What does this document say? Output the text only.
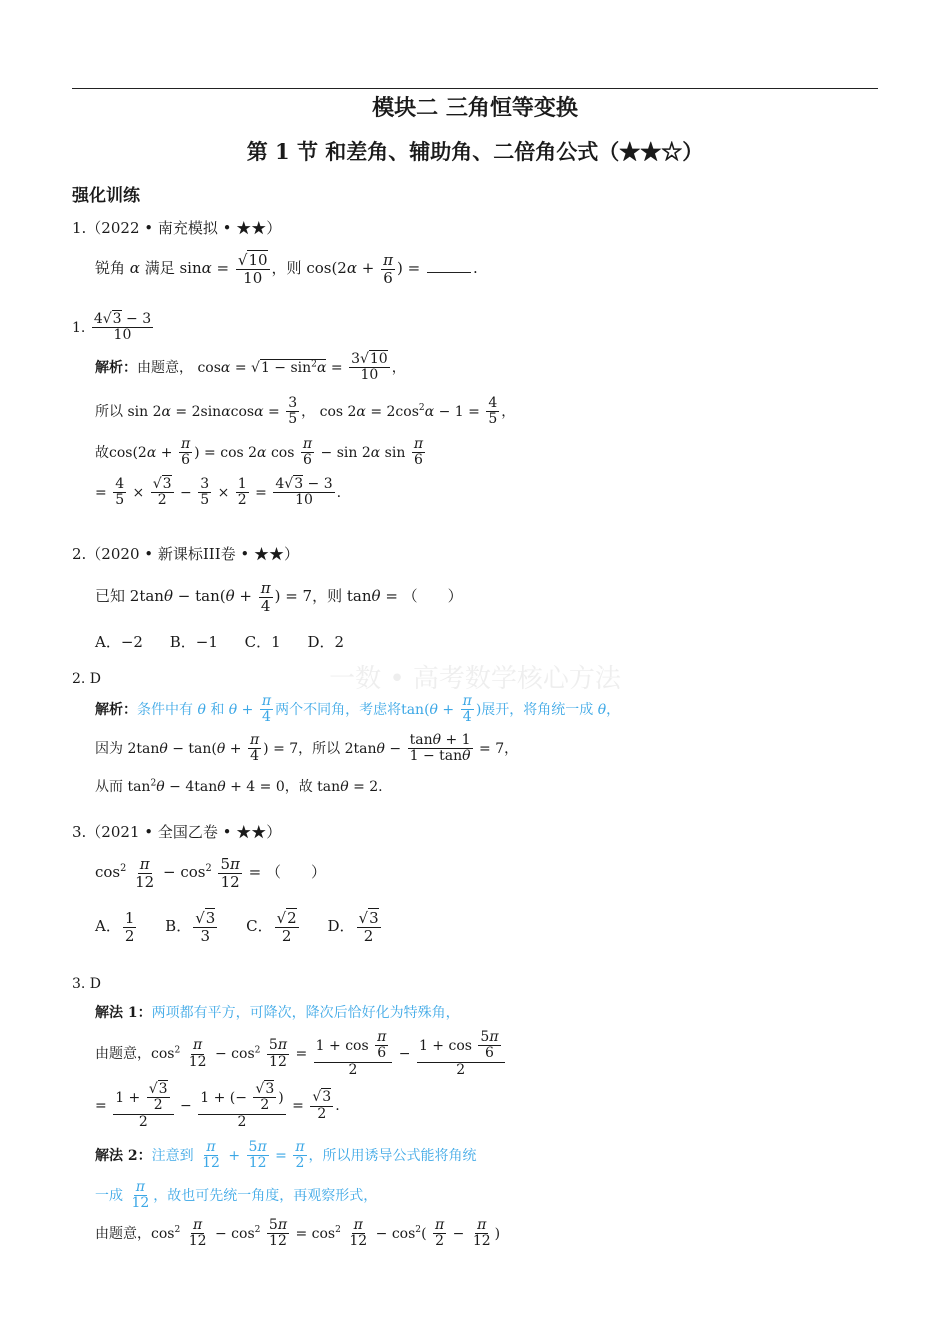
模块二 三角恒等变换
第 1 节 和差角、辅助角、二倍角公式（★★☆）
强化训练
一数 • 高考数学核心方法
1.（2022 • 南充模拟 • ★★）
锐角 α 满足 $\sin\alpha = \frac{√10}{10}$ ，则 $\cos(2\alpha + \frac{\pi}{6}$ ) =	.
1. $\frac{4√3 - 3}{10}$
解析：由题意， $\cos\alpha = √1 - \sin^2\alpha = \frac{3√10}{10}$ ，
所以 $\sin 2\alpha = 2\sin\alpha\cos\alpha = \frac{3}{5}$ ， $\cos 2\alpha = 2\cos^2\alpha - 1 = \frac{4}{5}$ ，
故$\cos(2\alpha + \frac{\pi}{6}$ ) = cos 2α $\cos \frac{\pi}{6} - \sin 2\alpha$ $\sin \frac{\pi}{6}$
= $\frac{4}{5} \times \frac{√3}{2} - \frac{3}{5} \times \frac{1}{2} = \frac{4√3 - 3}{10}$ .
2.（2020 • 新课标III卷 • ★★）
已知 $2\tan\theta - \tan(\theta + \frac{\pi}{4}$ ) = 7，则 tanθ = （　　）
A．−2 B．−1 C．1 D．2
2. D
解析：条件中有 θ 和 $\theta + \frac{\pi}{4}$ 两个不同角，考虑将$\tan(\theta + \frac{\pi}{4}$ )展开，将角统一成 θ，
因为 $2\tan\theta - \tan(\theta + \frac{\pi}{4}$ ) = 7，所以 $2\tan\theta - \frac{\tan\theta + 1}{1 - \tan\theta} = 7$，
从而 $\tan^2\theta - 4\tan\theta + 4 = 0$，故 tanθ = 2.
3.（2021 • 全国乙卷 • ★★）
$\cos^2 \frac{\pi}{12} - \cos^2 \frac{5\pi}{12}$ = （　　）
A． $\frac{1}{2}$ B． $\frac{√3}{3}$ C． $\frac{√2}{2}$ D． $\frac{√3}{2}$
3. D
解法 1：两项都有平方，可降次，降次后恰好化为特殊角，
由题意，$\cos^2 \frac{\pi}{12} - \cos^2 \frac{5\pi}{12} = \frac{1 + \cos \frac{\pi}{6}}{2} - \frac{1 + \cos \frac{5\pi}{6}}{2}$
= $\frac{1 + \frac{√3}{2}}{2} - \frac{1 + (- \frac{√3}{2} )}{2} = \frac{√3}{2}$ .
解法 2：注意到 $\frac{\pi}{12} + \frac{5\pi}{12} = \frac{\pi}{2}$ ，所以用诱导公式能将角统
一成 $\frac{\pi}{12}$ ，故也可先统一角度，再观察形式，
由题意，$\cos^2 \frac{\pi}{12} - \cos^2 \frac{5\pi}{12} = \cos^2 \frac{\pi}{12} - \cos^2( \frac{\pi}{2} - \frac{\pi}{12}$ )
